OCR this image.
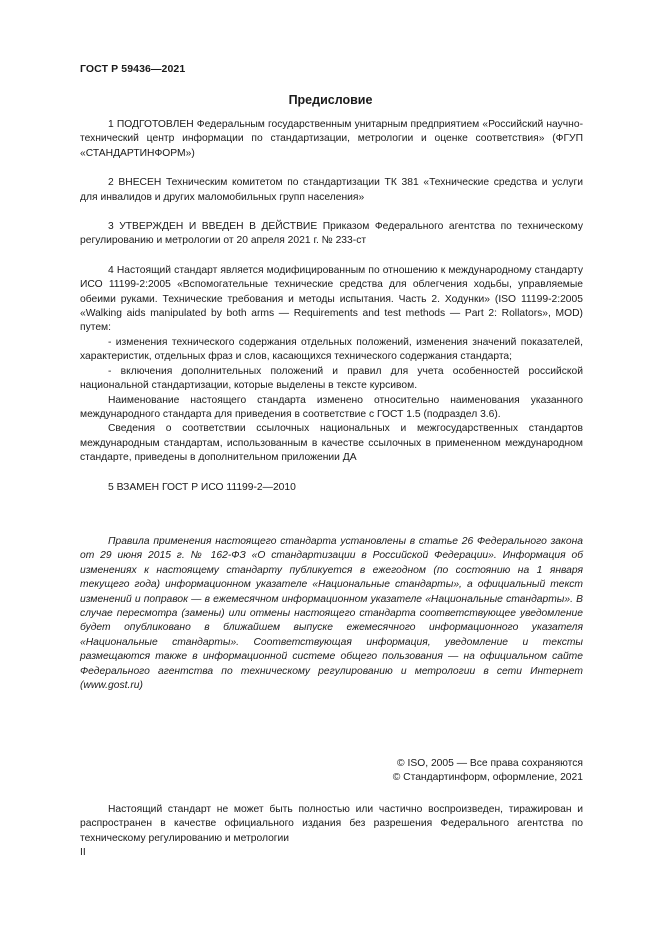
ГОСТ Р 59436—2021
Предисловие

1 ПОДГОТОВЛЕН Федеральным государственным унитарным предприятием «Российский научно-технический центр информации по стандартизации, метрологии и оценке соответствия» (ФГУП «СТАНДАРТИНФОРМ»)

2 ВНЕСЕН Техническим комитетом по стандартизации ТК 381 «Технические средства и услуги для инвалидов и других маломобильных групп населения»

3 УТВЕРЖДЕН И ВВЕДЕН В ДЕЙСТВИЕ Приказом Федерального агентства по техническому регулированию и метрологии от 20 апреля 2021 г. № 233-ст

4 Настоящий стандарт является модифицированным по отношению к международному стандарту ИСО 11199-2:2005 «Вспомогательные технические средства для облегчения ходьбы, управляемые обеими руками. Технические требования и методы испытания. Часть 2. Ходунки» (ISO 11199-2:2005 «Walking aids manipulated by both arms — Requirements and test methods — Part 2: Rollators», MOD) путем:

- изменения технического содержания отдельных положений, изменения значений показателей, характеристик, отдельных фраз и слов, касающихся технического содержания стандарта;

- включения дополнительных положений и правил для учета особенностей российской национальной стандартизации, которые выделены в тексте курсивом.

Наименование настоящего стандарта изменено относительно наименования указанного международного стандарта для приведения в соответствие с ГОСТ 1.5 (подраздел 3.6).

Сведения о соответствии ссылочных национальных и межгосударственных стандартов международным стандартам, использованным в качестве ссылочных в примененном международном стандарте, приведены в дополнительном приложении ДА

5 ВЗАМЕН ГОСТ Р ИСО 11199-2—2010

Правила применения настоящего стандарта установлены в статье 26 Федерального закона от 29 июня 2015 г. № 162-ФЗ «О стандартизации в Российской Федерации». Информация об изменениях к настоящему стандарту публикуется в ежегодном (по состоянию на 1 января текущего года) информационном указателе «Национальные стандарты», а официальный текст изменений и поправок — в ежемесячном информационном указателе «Национальные стандарты». В случае пересмотра (замены) или отмены настоящего стандарта соответствующее уведомление будет опубликовано в ближайшем выпуске ежемесячного информационного указателя «Национальные стандарты». Соответствующая информация, уведомление и тексты размещаются также в информационной системе общего пользования — на официальном сайте Федерального агентства по техническому регулированию и метрологии в сети Интернет (www.gost.ru)

© ISO, 2005 — Все права сохраняются

© Стандартинформ, оформление, 2021

Настоящий стандарт не может быть полностью или частично воспроизведен, тиражирован и распространен в качестве официального издания без разрешения Федерального агентства по техническому регулированию и метрологии

II
